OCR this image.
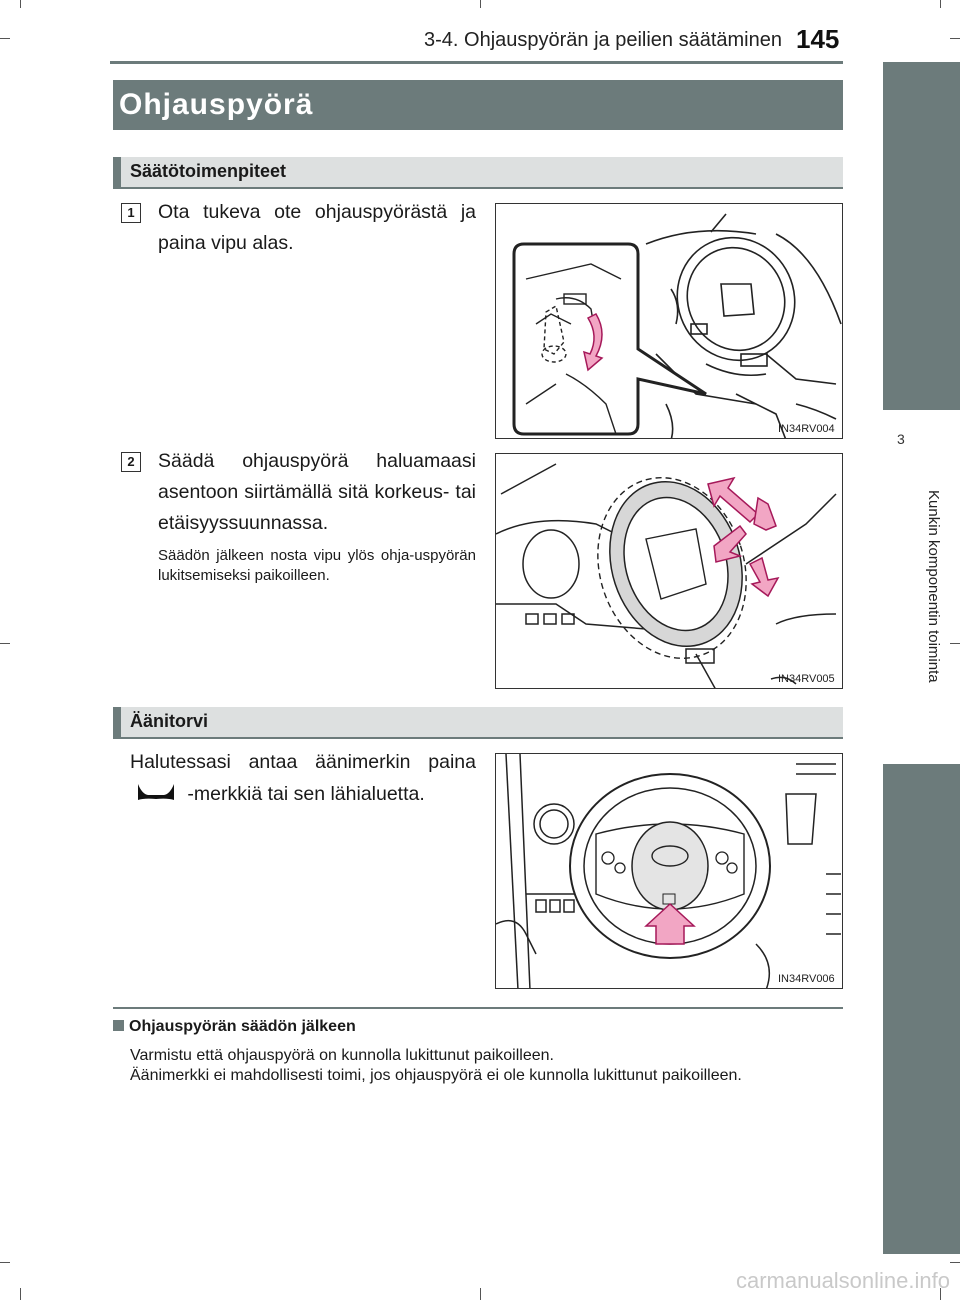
3-4. Ohjauspyörän ja peilien säätäminen 145
3
Kunkin komponentin toiminta
Ohjauspyörä
Säätötoimenpiteet
1	Ota tukeva ote ohjauspyörästä ja paina vipu alas.
IN34RV004
2	Säädä ohjauspyörä haluamaasi asentoon siirtämällä sitä korkeus- tai etäisyyssuunnassa.
Säädön jälkeen nosta vipu ylös ohja-uspyörän lukitsemiseksi paikoilleen.
IN34RV005
Äänitorvi
Halutessasi antaa äänimerkin paina  -merkkiä tai sen lähialuetta.
IN34RV006
Ohjauspyörän säädön jälkeen
Varmistu että ohjauspyörä on kunnolla lukittunut paikoilleen.
Äänimerkki ei mahdollisesti toimi, jos ohjauspyörä ei ole kunnolla lukittunut paikoilleen.
carmanualsonline.info
